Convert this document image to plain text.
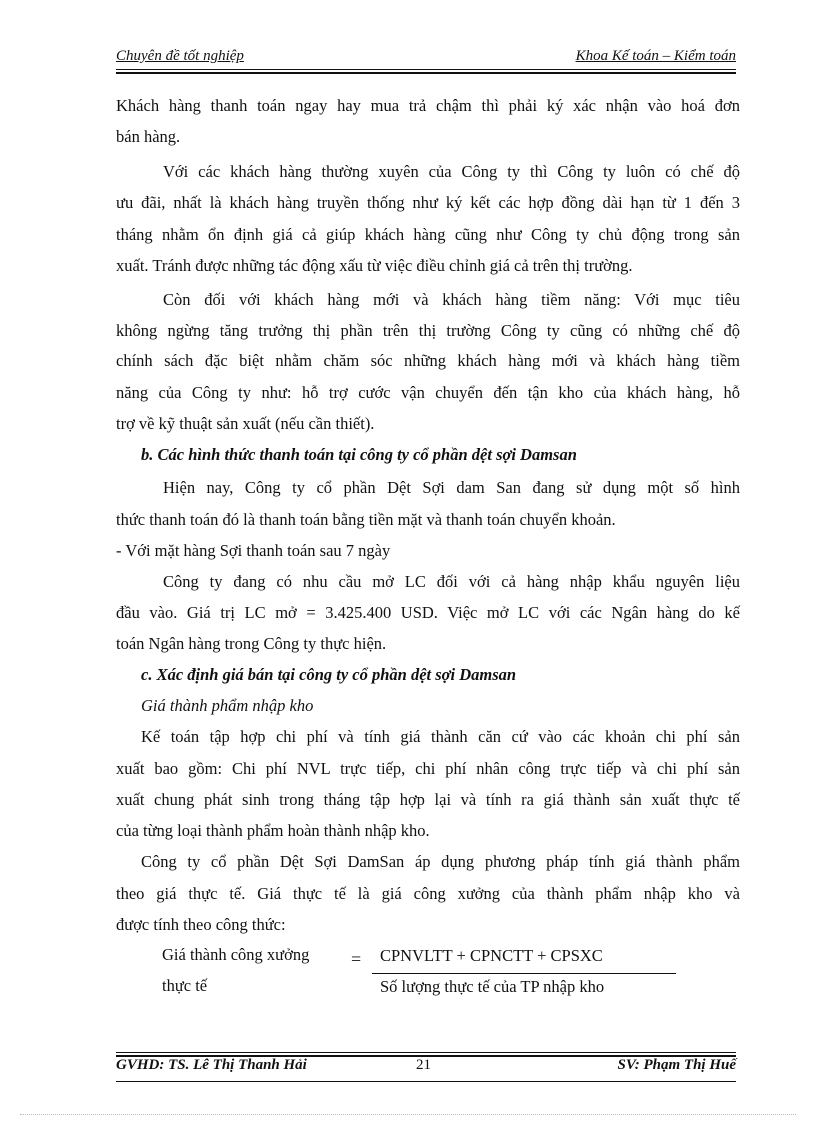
Chuyên đề tốt nghiệp	Khoa Kế toán – Kiểm toán
Khách hàng thanh toán ngay hay mua trả chậm thì phải ký xác nhận vào hoá đơn
bán hàng.
Với các khách hàng thường xuyên của Công ty thì Công ty luôn có chế độ
ưu đãi, nhất là khách hàng truyền thống như ký kết các hợp đồng dài hạn từ 1 đến 3
tháng nhằm ổn định giá cả giúp khách hàng cũng như Công ty chủ động trong sản
xuất. Tránh được những tác động xấu từ việc điều chỉnh giá cả trên thị trường.
Còn đối với khách hàng mới và khách hàng tiềm năng: Với mục tiêu
không ngừng tăng trưởng thị phần trên thị trường Công ty cũng có những chế độ
chính sách đặc biệt nhằm chăm sóc những khách hàng mới và khách hàng tiềm
năng của Công ty như: hỗ trợ cước vận chuyển đến tận kho của khách hàng, hỗ
trợ về kỹ thuật sản xuất (nếu cần thiết).
b. Các hình thức thanh toán tại công ty cổ phần dệt sợi Damsan
Hiện nay, Công ty cổ phần Dệt Sợi dam San đang sử dụng một số hình
thức thanh toán đó là thanh toán bằng tiền mặt và thanh toán chuyển khoản.
- Với mặt hàng Sợi thanh toán sau 7 ngày
Công ty đang có nhu cầu mở LC đối với cả hàng nhập khẩu nguyên liệu
đầu vào. Giá trị LC mở = 3.425.400 USD. Việc mở LC với các Ngân hàng do kế
toán Ngân hàng trong Công ty thực hiện.
c. Xác định giá bán tại công ty cổ phần dệt sợi Damsan
Giá thành phẩm nhập kho
Kế toán tập hợp chi phí và tính giá thành căn cứ vào các khoản chi phí sản
xuất bao gồm: Chi phí NVL trực tiếp, chi phí nhân công trực tiếp và chi phí sản
xuất chung phát sinh trong tháng tập hợp lại và tính ra giá thành sản xuất thực tế
của từng loại thành phẩm hoàn thành nhập kho.
Công ty cổ phần Dệt Sợi DamSan áp dụng phương pháp tính giá thành phẩm
theo giá thực tế. Giá thực tế là giá công xưởng của thành phẩm nhập kho và
được tính theo công thức:
Giá thành công xưởng
thực tế
= CPNVLTT + CPNCTT + CPSXC
Số lượng thực tế của TP nhập kho
GVHD: TS. Lê Thị Thanh Hải	21	SV: Phạm Thị Huế
